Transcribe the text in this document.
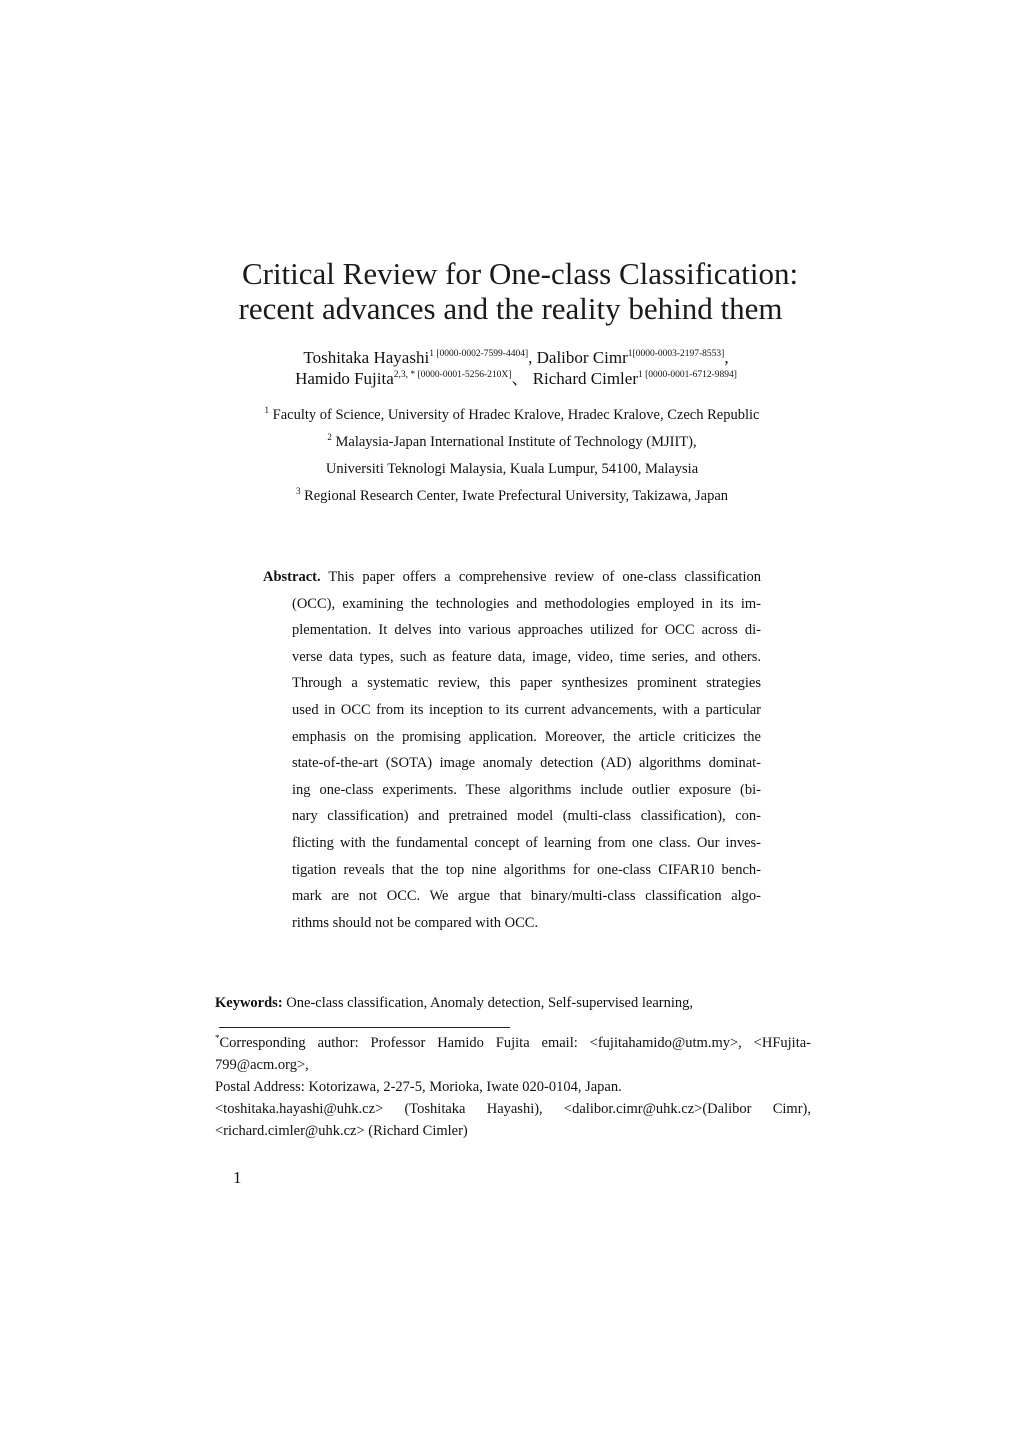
Critical Review for One-class Classification:
recent advances and the reality behind them
Toshitaka Hayashi$^{1 [0000-0002-7599-4404]}$, Dalibor Cimr$^{1[0000-0003-2197-8553]}$,
Hamido Fujita$^{2,3, * [0000-0001-5256-210X]}$、 Richard Cimler$^{1 [0000-0001-6712-9894]}$
$^1$ Faculty of Science, University of Hradec Kralove, Hradec Kralove, Czech Republic
$^2$ Malaysia-Japan International Institute of Technology (MJIIT),
Universiti Teknologi Malaysia, Kuala Lumpur, 54100, Malaysia
$^3$ Regional Research Center, Iwate Prefectural University, Takizawa, Japan
Abstract. This paper offers a comprehensive review of one-class classification
(OCC), examining the technologies and methodologies employed in its im-
plementation. It delves into various approaches utilized for OCC across di-
verse data types, such as feature data, image, video, time series, and others.
Through a systematic review, this paper synthesizes prominent strategies
used in OCC from its inception to its current advancements, with a particular
emphasis on the promising application. Moreover, the article criticizes the
state-of-the-art (SOTA) image anomaly detection (AD) algorithms dominat-
ing one-class experiments. These algorithms include outlier exposure (bi-
nary classification) and pretrained model (multi-class classification), con-
flicting with the fundamental concept of learning from one class. Our inves-
tigation reveals that the top nine algorithms for one-class CIFAR10 bench-
mark are not OCC. We argue that binary/multi-class classification algo-
rithms should not be compared with OCC.
Keywords: One-class classification, Anomaly detection, Self-supervised learning,
*Corresponding author: Professor Hamido Fujita email: <fujitahamido@utm.my>, <HFujita-
799@acm.org>,
Postal Address: Kotorizawa, 2-27-5, Morioka, Iwate 020-0104, Japan.
<toshitaka.hayashi@uhk.cz> (Toshitaka Hayashi), <dalibor.cimr@uhk.cz>(Dalibor Cimr),
<richard.cimler@uhk.cz> (Richard Cimler)
1
